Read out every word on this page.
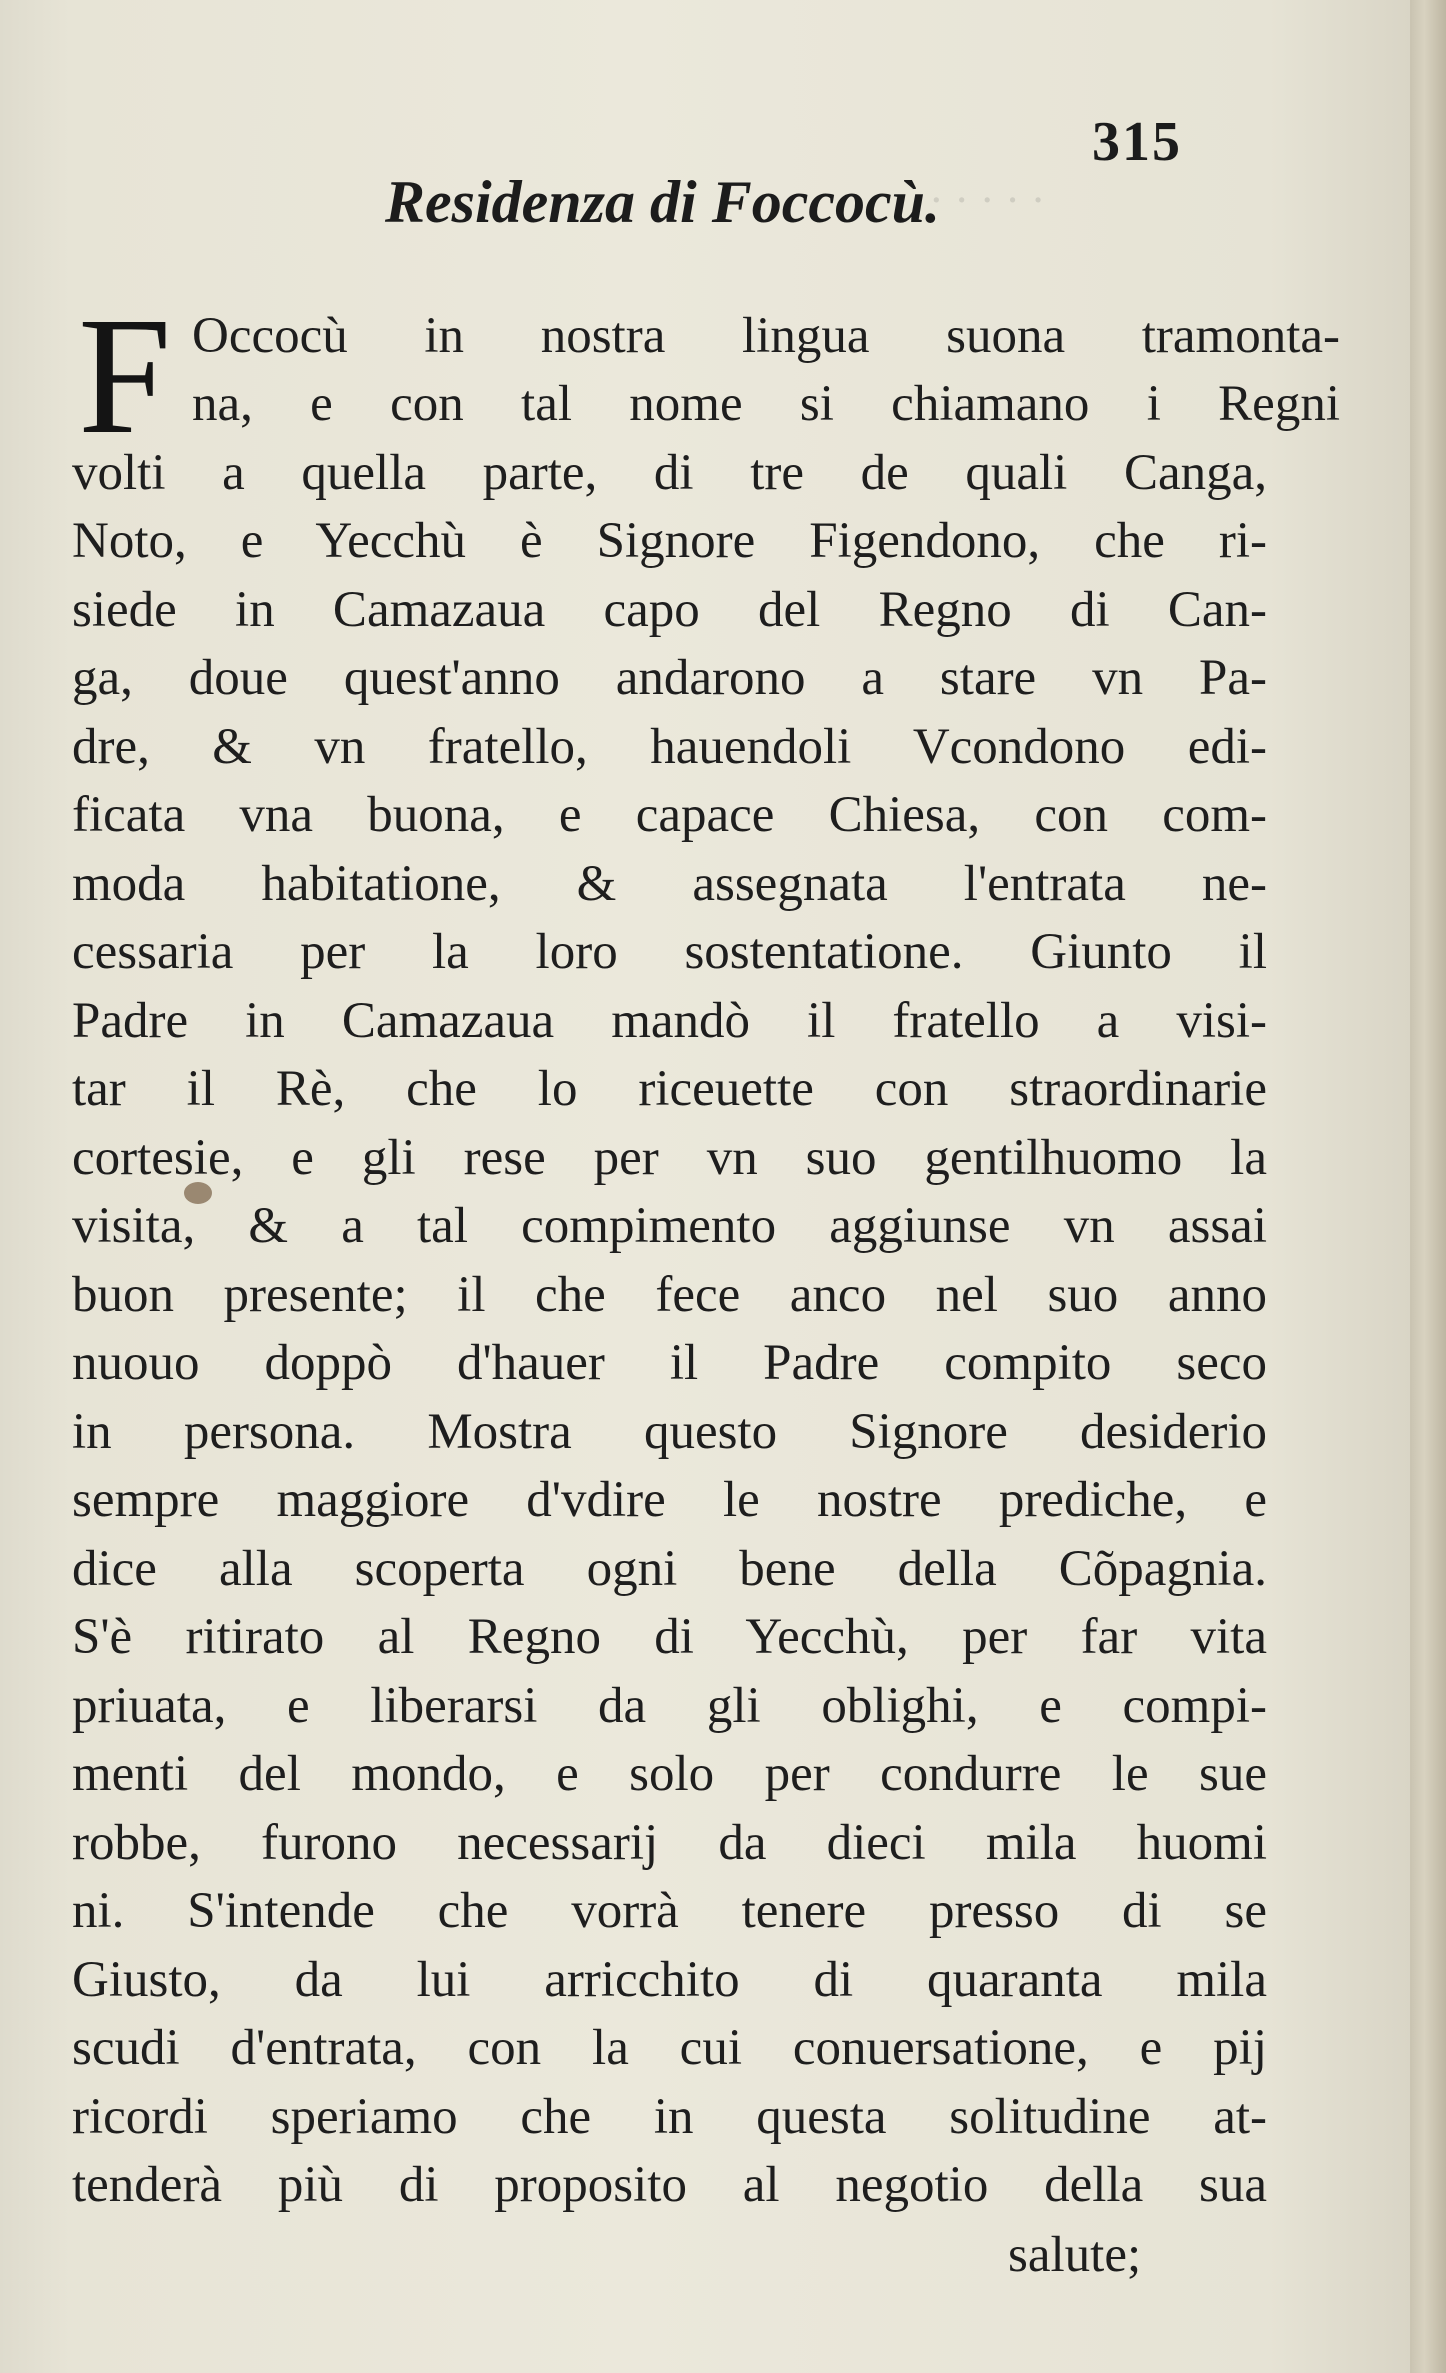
· · · · ·
315
Residenza di Foccocù.
F Occocù in nostra lingua suona tramonta-
na, e con tal nome si chiamano i Regni
volti a quella parte, di tre de quali Canga,
Noto, e Yecchù è Signore Figendono, che ri-
siede in Camazaua capo del Regno di Can-
ga, doue quest'anno andarono a stare vn Pa-
dre, & vn fratello, hauendoli Vcondono edi-
ficata vna buona, e capace Chiesa, con com-
moda habitatione, & assegnata l'entrata ne-
cessaria per la loro sostentatione. Giunto il
Padre in Camazaua mandò il fratello a visi-
tar il Rè, che lo riceuette con straordinarie
cortesie, e gli rese per vn suo gentilhuomo la
visita, & a tal compimento aggiunse vn assai
buon presente; il che fece anco nel suo anno
nuouo doppò d'hauer il Padre compito seco
in persona. Mostra questo Signore desiderio
sempre maggiore d'vdire le nostre prediche, e
dice alla scoperta ogni bene della Cõpagnia.
S'è ritirato al Regno di Yecchù, per far vita
priuata, e liberarsi da gli oblighi, e compi-
menti del mondo, e solo per condurre le sue
robbe, furono necessarij da dieci mila huomi
ni. S'intende che vorrà tenere presso di se
Giusto, da lui arricchito di quaranta mila
scudi d'entrata, con la cui conuersatione, e pij
ricordi speriamo che in questa solitudine at-
tenderà più di proposito al negotio della sua
salute;
